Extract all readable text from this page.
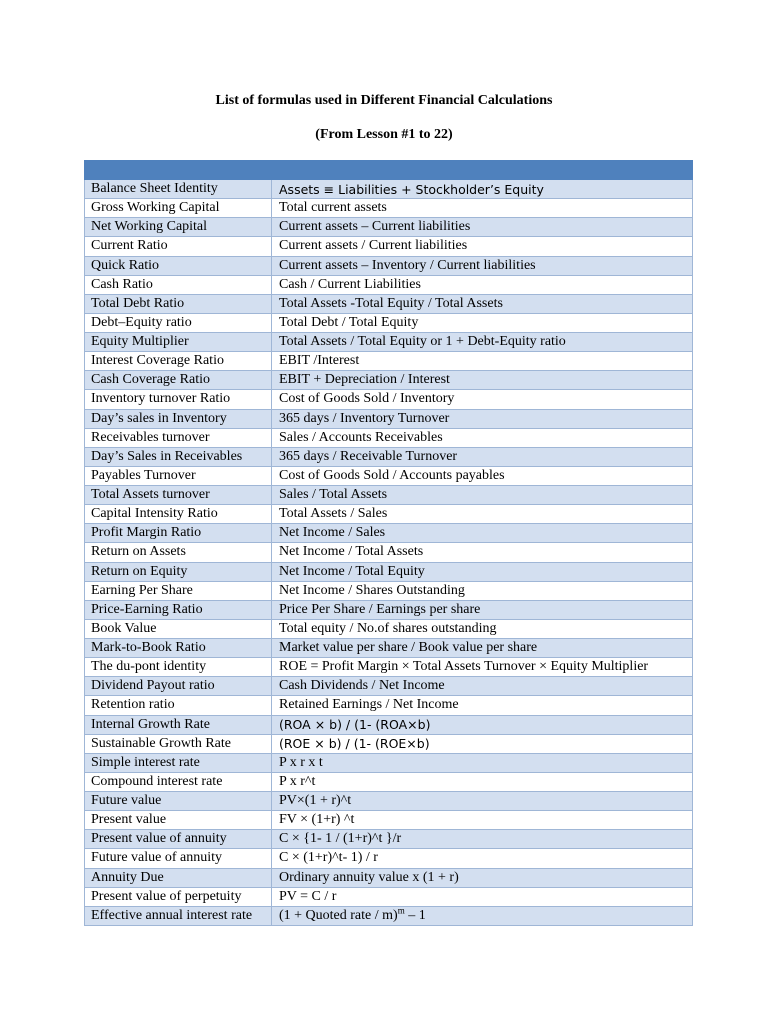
List of formulas used in Different Financial Calculations
(From Lesson #1 to 22)

Balance Sheet Identity	Assets ≡ Liabilities + Stockholder’s Equity
Gross Working Capital	Total current assets
Net Working Capital	Current assets – Current liabilities
Current Ratio	Current assets / Current liabilities
Quick Ratio	Current assets – Inventory / Current liabilities
Cash Ratio	Cash / Current Liabilities
Total Debt Ratio	Total Assets -Total Equity / Total Assets
Debt–Equity ratio	Total Debt / Total Equity
Equity Multiplier	Total Assets / Total Equity or 1 + Debt-Equity ratio
Interest Coverage Ratio	EBIT /Interest
Cash Coverage Ratio	EBIT + Depreciation / Interest
Inventory turnover Ratio	Cost of Goods Sold / Inventory
Day’s sales in Inventory	365 days / Inventory Turnover
Receivables turnover	Sales / Accounts Receivables
Day’s Sales in Receivables	365 days / Receivable Turnover
Payables Turnover	Cost of Goods Sold / Accounts payables
Total Assets turnover	Sales / Total Assets
Capital Intensity Ratio	Total Assets / Sales
Profit Margin Ratio	Net Income / Sales
Return on Assets	Net Income / Total Assets
Return on Equity	Net Income / Total Equity
Earning Per Share	Net Income / Shares Outstanding
Price-Earning Ratio	Price Per Share / Earnings per share
Book Value	Total equity / No.of shares outstanding
Mark-to-Book Ratio	Market value per share / Book value per share
The du-pont identity	ROE = Profit Margin × Total Assets Turnover × Equity Multiplier
Dividend Payout ratio	Cash Dividends / Net Income
Retention ratio	Retained Earnings / Net Income
Internal Growth Rate	(ROA × b) / (1- (ROA×b)
Sustainable Growth Rate	(ROE × b) / (1- (ROE×b)
Simple interest rate	P x r x t
Compound interest rate	P x r^t
Future value	PV×(1 + r)^t
Present value	FV × (1+r) ^t
Present value of annuity	C × {1- 1 / (1+r)^t }/r
Future value of annuity	C × (1+r)^t- 1) / r
Annuity Due	Ordinary annuity value x (1 + r)
Present value of perpetuity	PV = C / r
Effective annual interest rate	(1 + Quoted rate / m)$^m$ – 1
